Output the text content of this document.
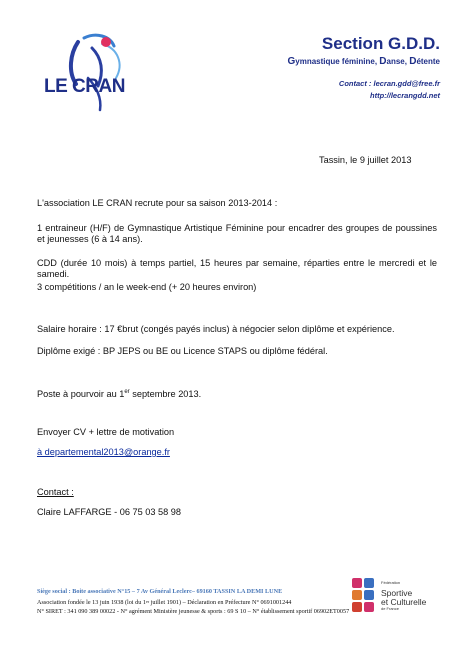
LE CRAN
Section G.D.D.
Gymnastique féminine, Danse, Détente
Contact : lecran.gdd@free.fr
http://lecrangdd.net
Tassin, le 9 juillet 2013
L'association LE CRAN recrute pour sa saison 2013-2014 :
1 entraineur (H/F) de Gymnastique Artistique Féminine pour encadrer des groupes de poussines et jeunesses (6 à 14 ans).
CDD (durée 10 mois) à temps partiel, 15 heures par semaine, réparties entre le mercredi et le samedi.
3 compétitions / an le week-end (+ 20 heures environ)
Salaire horaire : 17 €brut (congés payés inclus) à négocier selon diplôme et expérience.
Diplôme exigé : BP JEPS ou BE ou Licence STAPS ou diplôme fédéral.
Poste à pourvoir au 1er septembre 2013.
Envoyer CV + lettre de motivation
à departemental2013@orange.fr
Contact :
Claire LAFFARGE - 06 75 03 58 98
Siège social : Boite associative N°15 – 7 Av Général Leclerc– 69160 TASSIN LA DEMI LUNE
Association fondée le 13 juin 1938 (loi du 1er juillet 1901) – Déclaration en Préfecture N° 0691001244
N° SIRET : 341 090 389 00022 - N° agrément Ministère jeunesse & sports : 69 S 10 – N° établissement sportif 06902ET0057
Fédération
Sportive
et Culturelle
de France
